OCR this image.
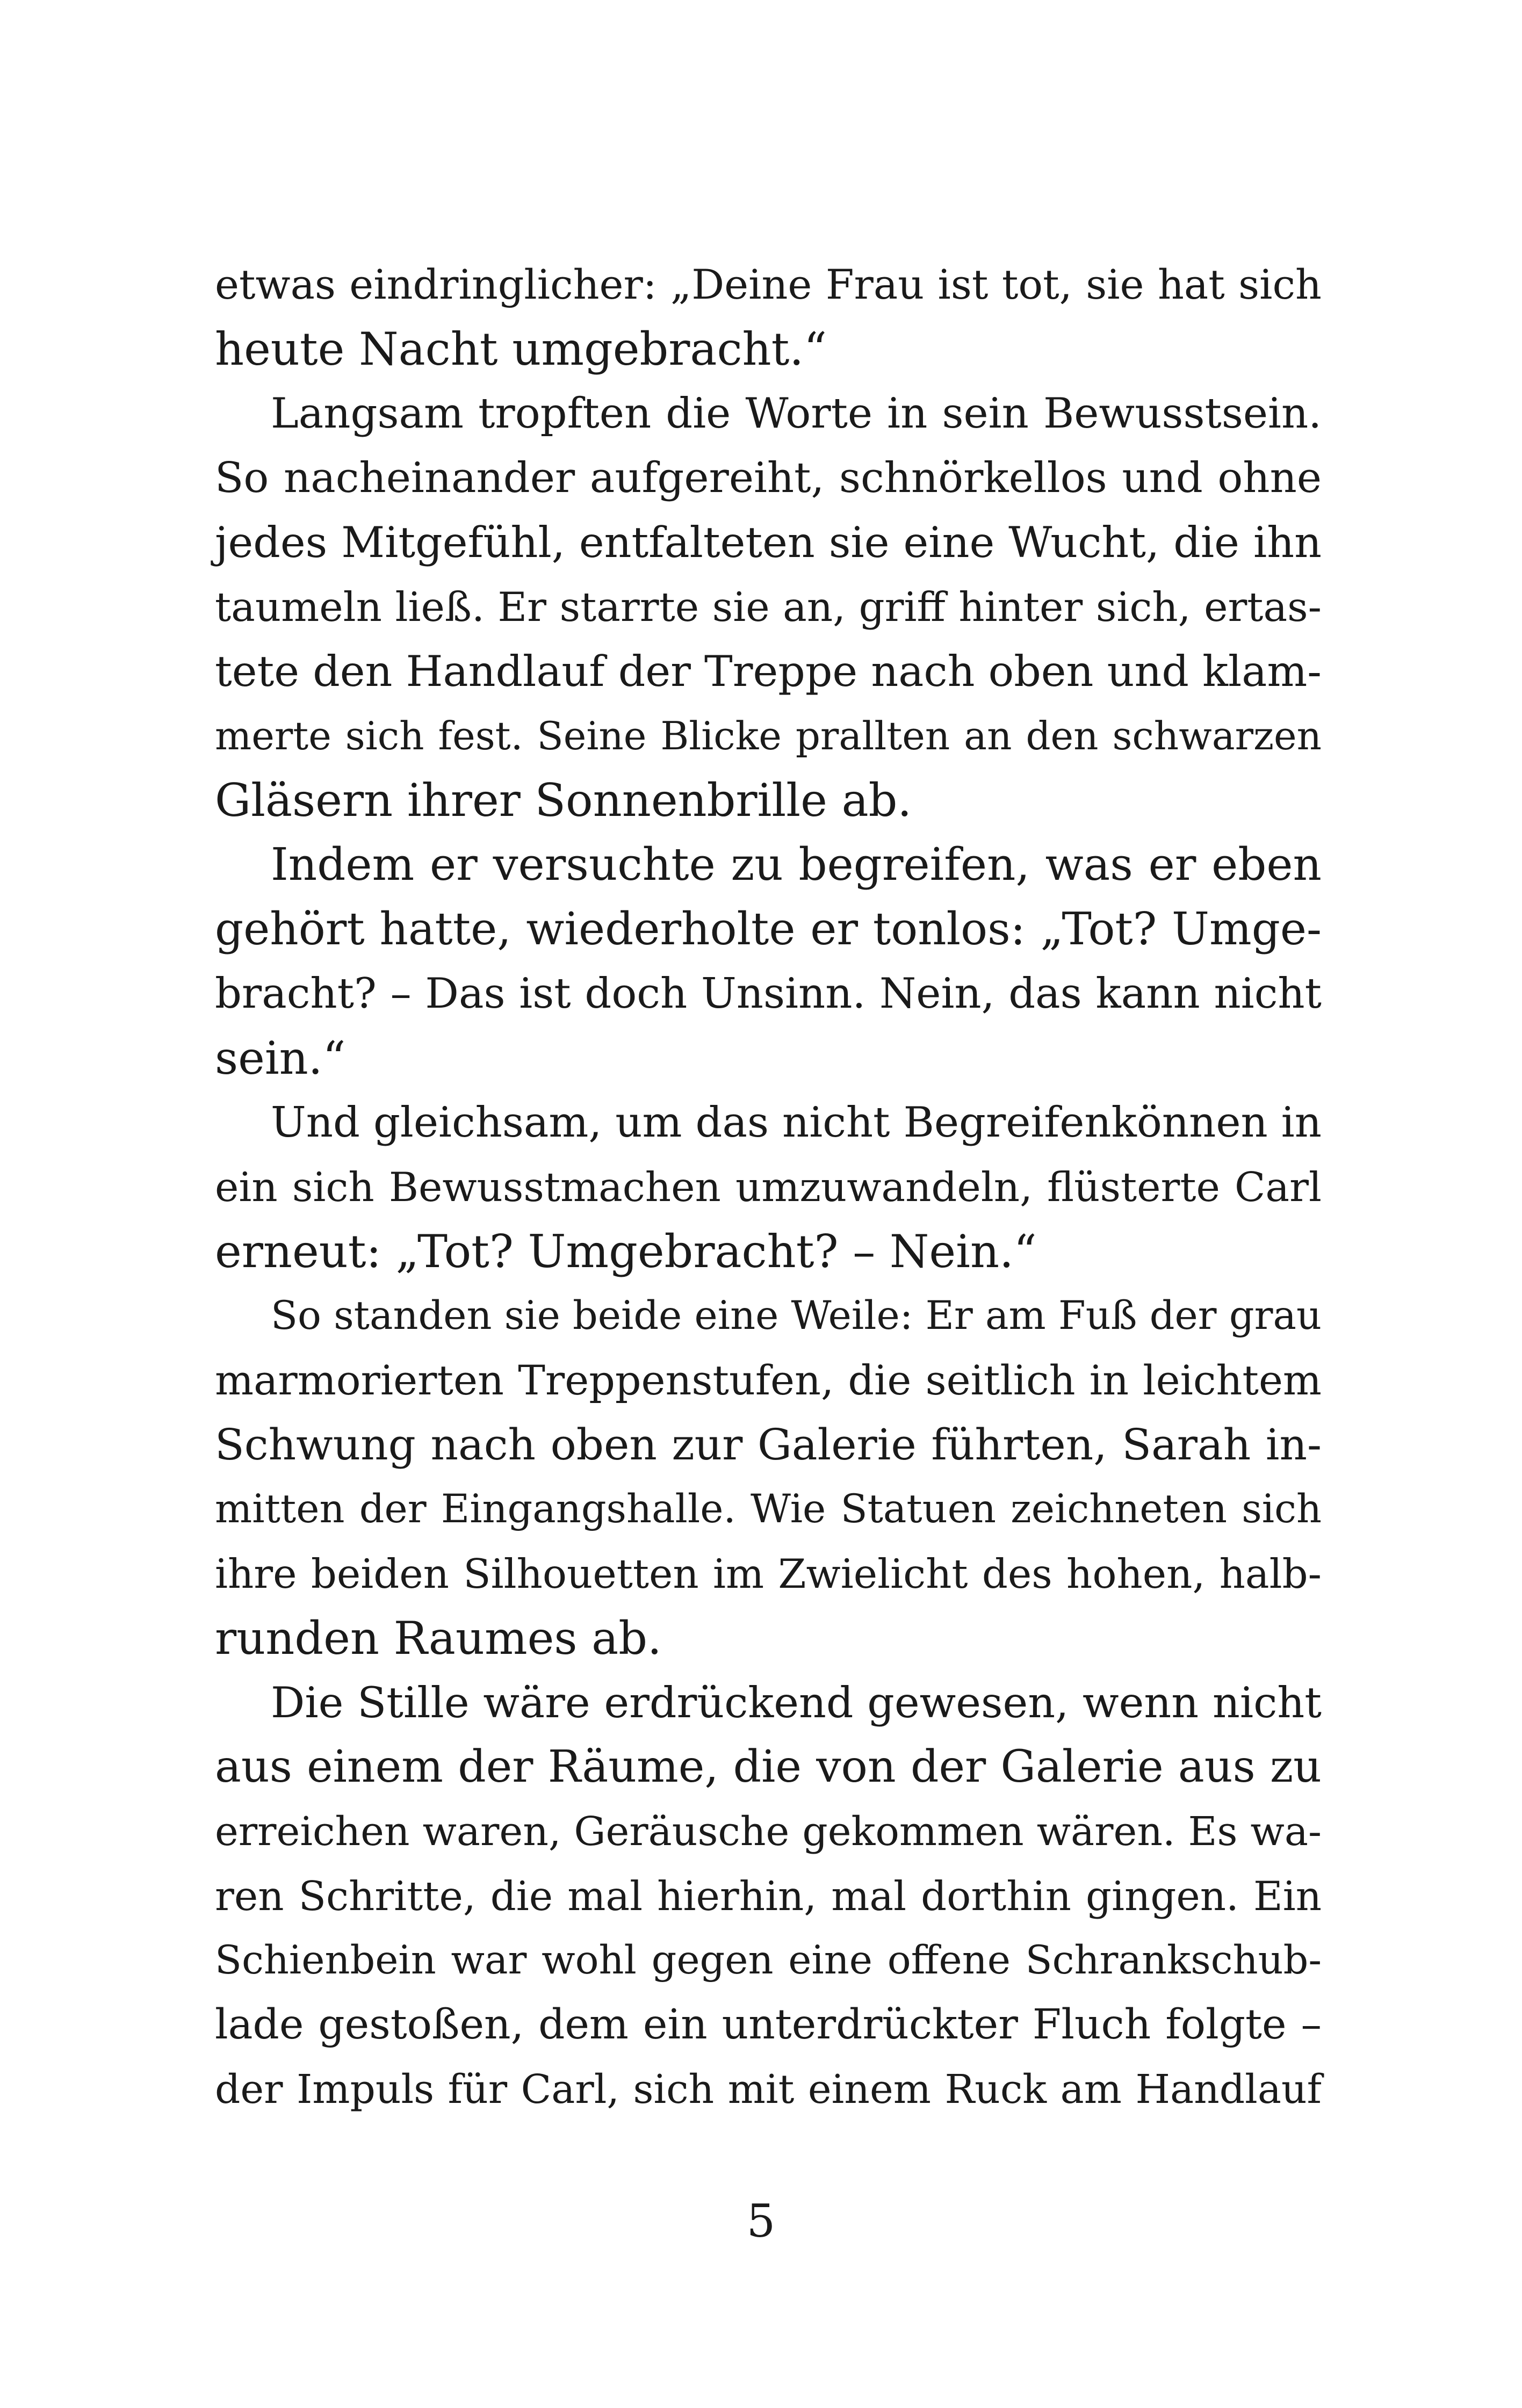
etwas eindringlicher: „Deine Frau ist tot, sie hat sich
heute Nacht umgebracht.“
Langsam tropften die Worte in sein Bewusstsein.
So nacheinander aufgereiht, schnörkellos und ohne
jedes Mitgefühl, entfalteten sie eine Wucht, die ihn
taumeln ließ. Er starrte sie an, griff hinter sich, ertas-
tete den Handlauf der Treppe nach oben und klam-
merte sich fest. Seine Blicke prallten an den schwarzen
Gläsern ihrer Sonnenbrille ab.
Indem er versuchte zu begreifen, was er eben
gehört hatte, wiederholte er tonlos: „Tot? Umge-
bracht? – Das ist doch Unsinn. Nein, das kann nicht
sein.“
Und gleichsam, um das nicht Begreifenkönnen in
ein sich Bewusstmachen umzuwandeln, flüsterte Carl
erneut: „Tot? Umgebracht? – Nein.“
So standen sie beide eine Weile: Er am Fuß der grau
marmorierten Treppenstufen, die seitlich in leichtem
Schwung nach oben zur Galerie führten, Sarah in-
mitten der Eingangshalle. Wie Statuen zeichneten sich
ihre beiden Silhouetten im Zwielicht des hohen, halb-
runden Raumes ab.
Die Stille wäre erdrückend gewesen, wenn nicht
aus einem der Räume, die von der Galerie aus zu
erreichen waren, Geräusche gekommen wären. Es wa-
ren Schritte, die mal hierhin, mal dorthin gingen. Ein
Schienbein war wohl gegen eine offene Schrankschub-
lade gestoßen, dem ein unterdrückter Fluch folgte –
der Impuls für Carl, sich mit einem Ruck am Handlauf
5
